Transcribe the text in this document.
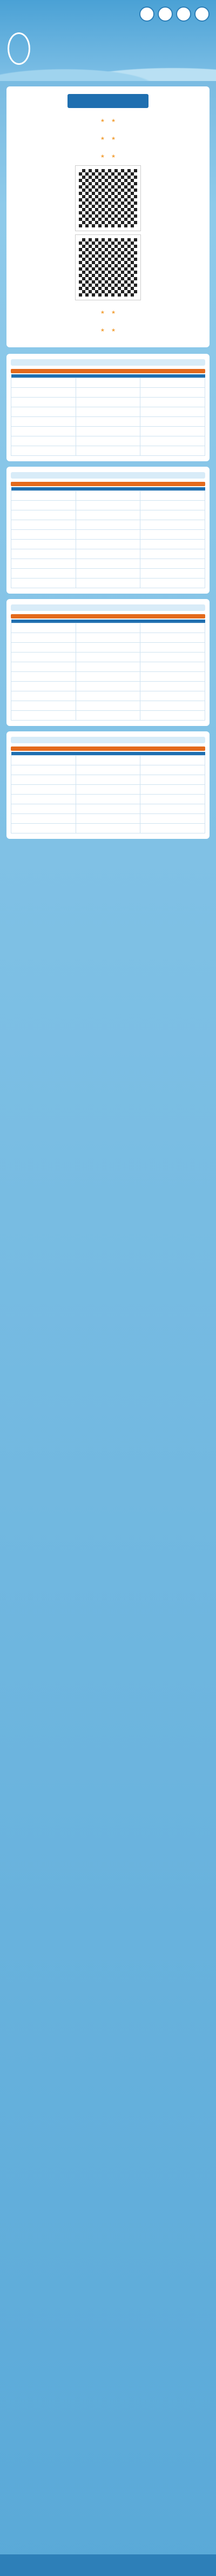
★ ★
★ ★

★ ★

★ ★

★ ★
